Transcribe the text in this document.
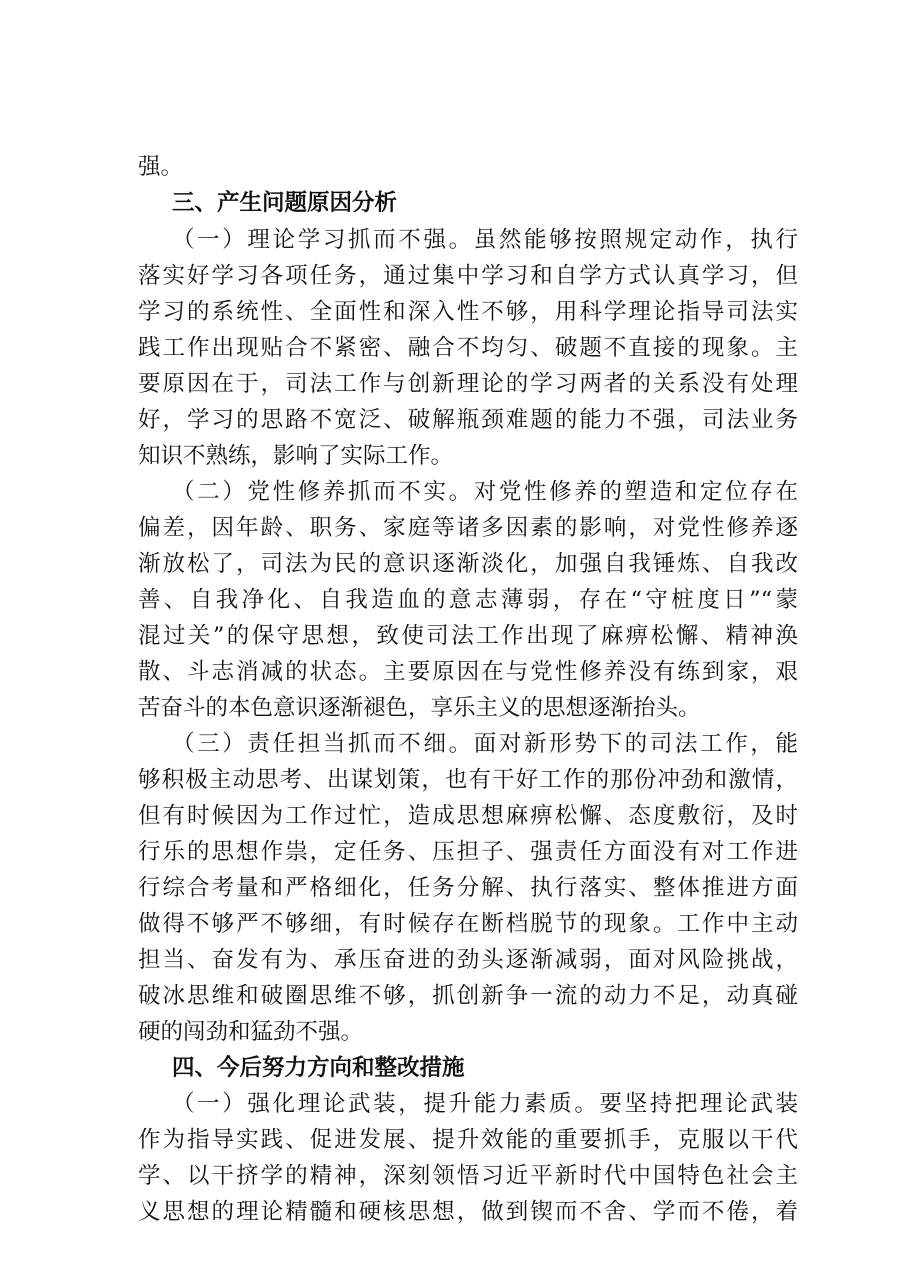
强。
三、产生问题原因分析
（一）理论学习抓而不强。虽然能够按照规定动作，执行
落实好学习各项任务，通过集中学习和自学方式认真学习，但
学习的系统性、全面性和深入性不够，用科学理论指导司法实
践工作出现贴合不紧密、融合不均匀、破题不直接的现象。主
要原因在于，司法工作与创新理论的学习两者的关系没有处理
好，学习的思路不宽泛、破解瓶颈难题的能力不强，司法业务
知识不熟练，影响了实际工作。
（二）党性修养抓而不实。对党性修养的塑造和定位存在
偏差，因年龄、职务、家庭等诸多因素的影响，对党性修养逐
渐放松了，司法为民的意识逐渐淡化，加强自我锤炼、自我改
善、自我净化、自我造血的意志薄弱，存在“守桩度日”“蒙
混过关”的保守思想，致使司法工作出现了麻痹松懈、精神涣
散、斗志消减的状态。主要原因在与党性修养没有练到家，艰
苦奋斗的本色意识逐渐褪色，享乐主义的思想逐渐抬头。
（三）责任担当抓而不细。面对新形势下的司法工作，能
够积极主动思考、出谋划策，也有干好工作的那份冲劲和激情，
但有时候因为工作过忙，造成思想麻痹松懈、态度敷衍，及时
行乐的思想作祟，定任务、压担子、强责任方面没有对工作进
行综合考量和严格细化，任务分解、执行落实、整体推进方面
做得不够严不够细，有时候存在断档脱节的现象。工作中主动
担当、奋发有为、承压奋进的劲头逐渐减弱，面对风险挑战，
破冰思维和破圈思维不够，抓创新争一流的动力不足，动真碰
硬的闯劲和猛劲不强。
四、今后努力方向和整改措施
（一）强化理论武装，提升能力素质。要坚持把理论武装
作为指导实践、促进发展、提升效能的重要抓手，克服以干代
学、以干挤学的精神，深刻领悟习近平新时代中国特色社会主
义思想的理论精髓和硬核思想，做到锲而不舍、学而不倦，着
